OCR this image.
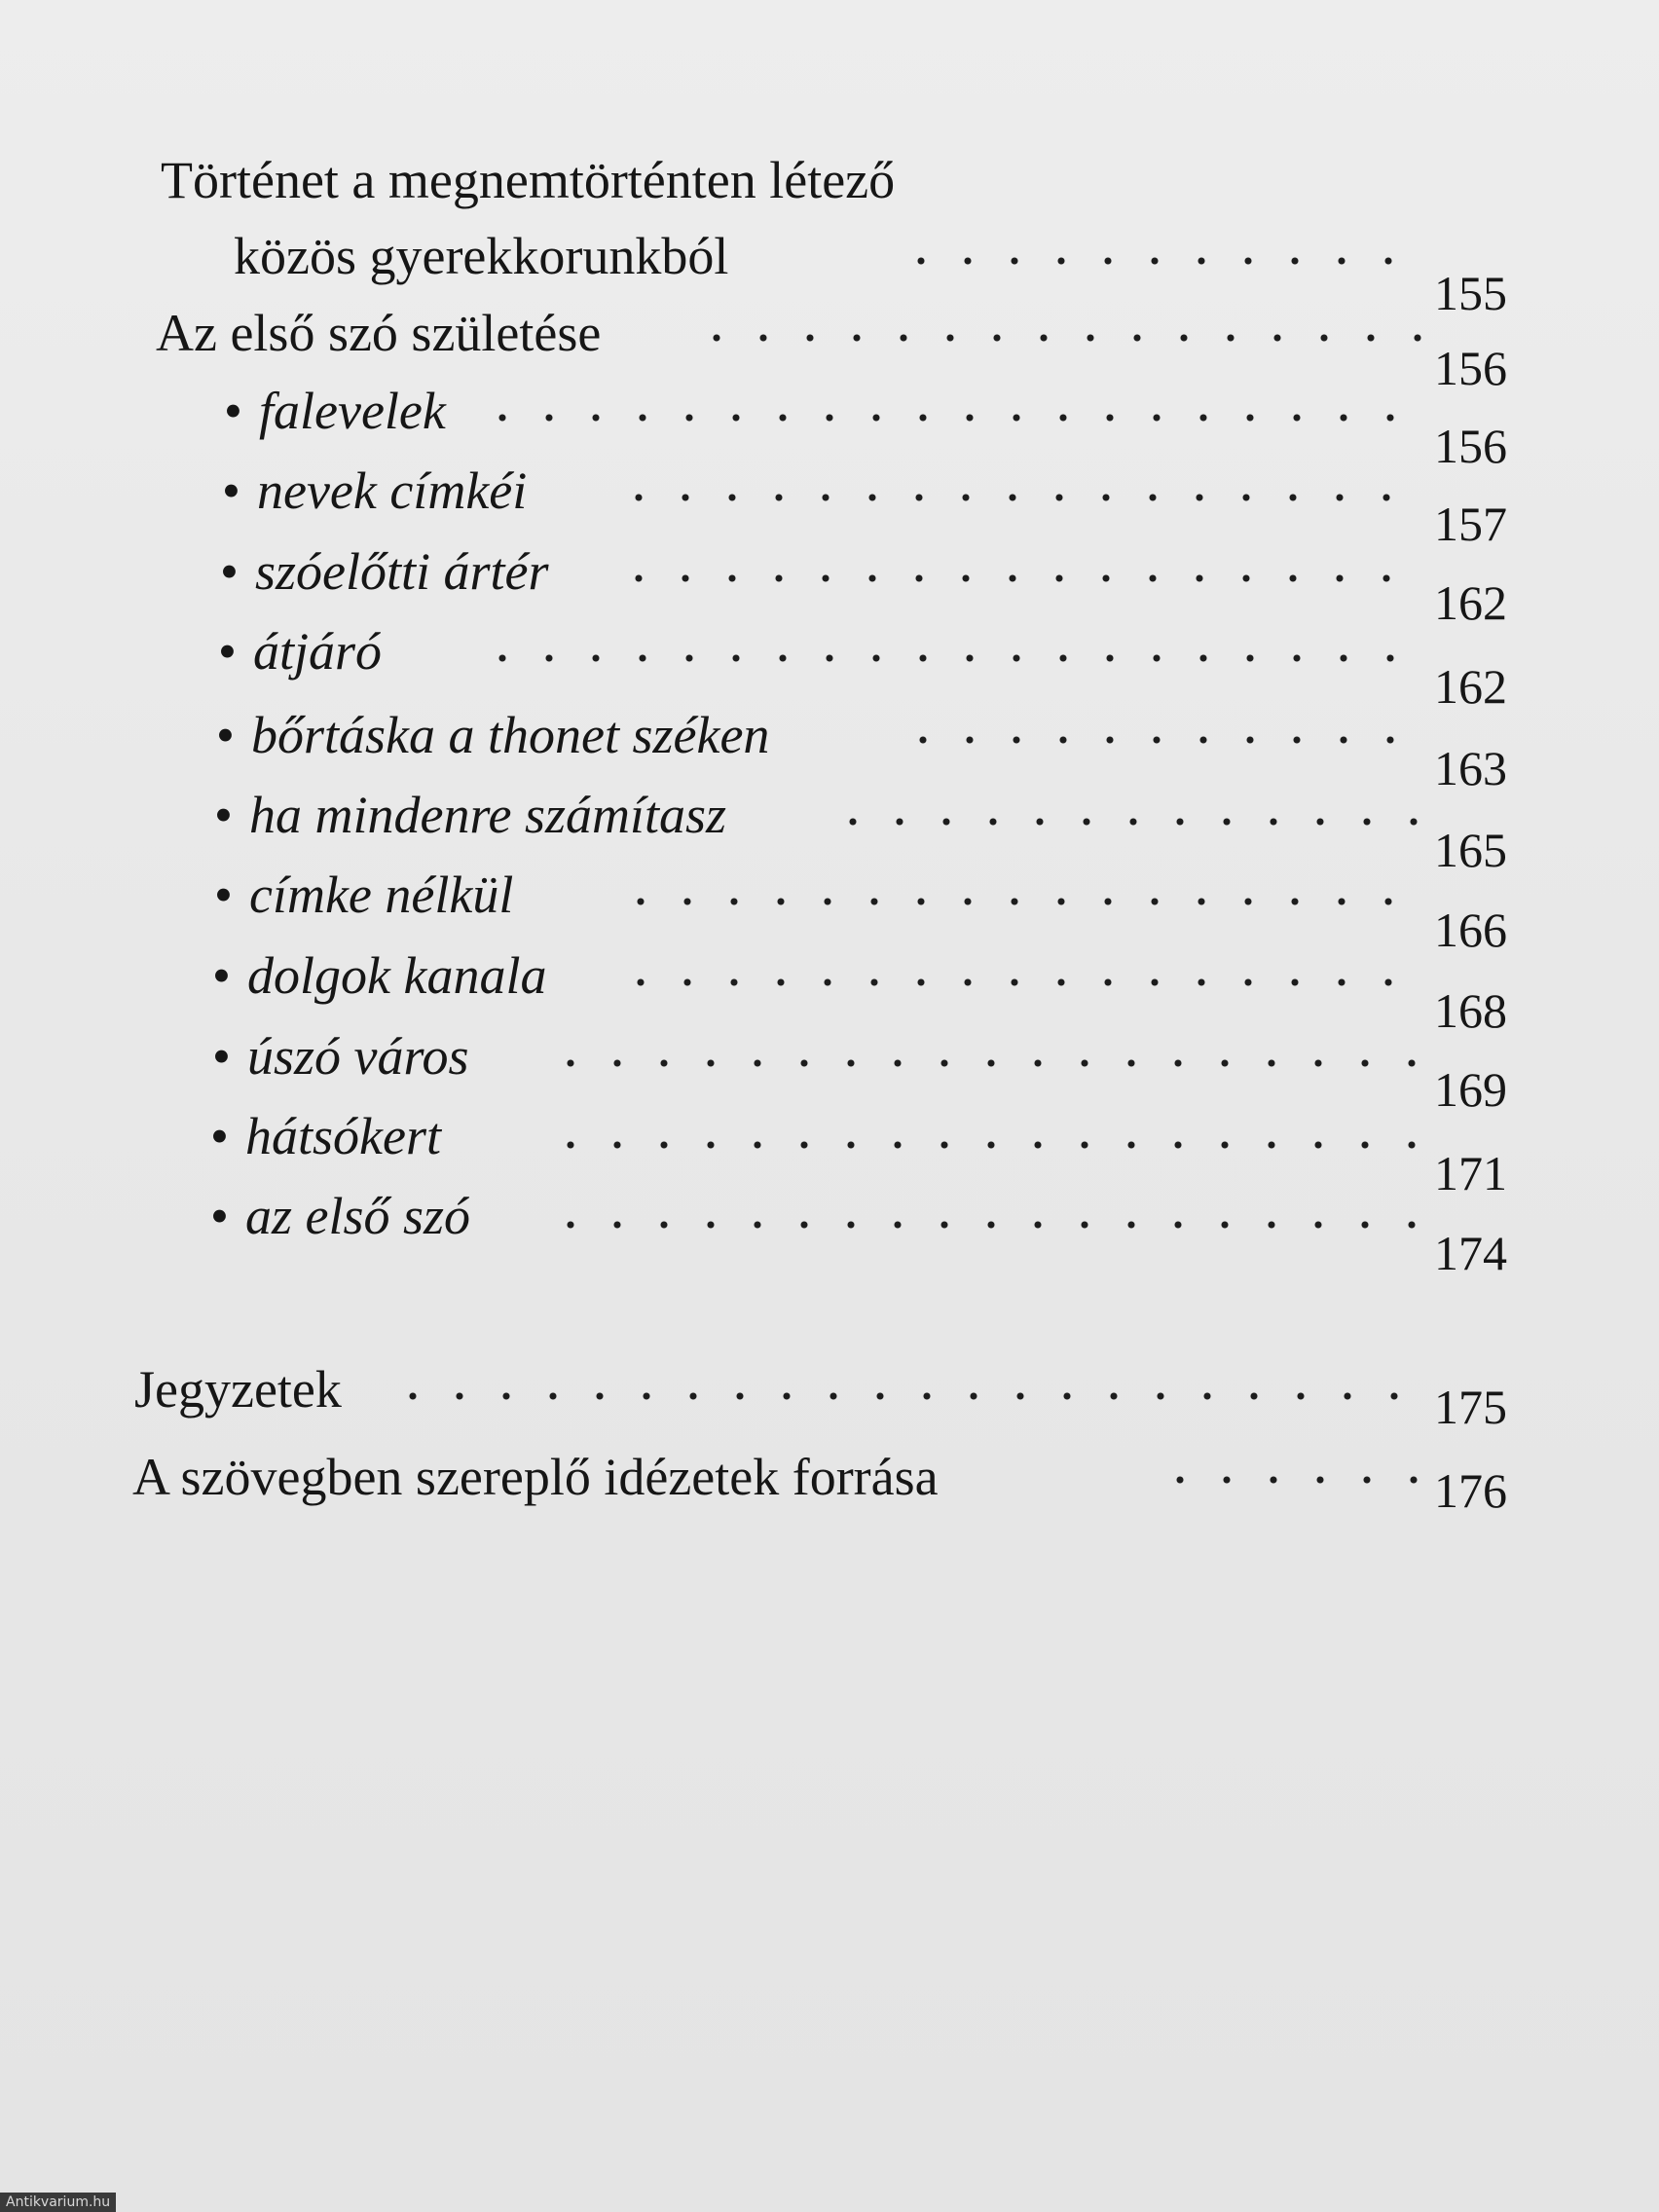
Történet a megnemtörténten létező
közös gyerekkorunkból
155
Az első szó születése
156
• falevelek
156
• nevek címkéi
157
• szóelőtti ártér
162
• átjáró
162
• bőrtáska a thonet széken
163
• ha mindenre számítasz
165
• címke nélkül
166
• dolgok kanala
168
• úszó város
169
• hátsókert
171
• az első szó
174
Jegyzetek	175
A szövegben szereplő idézetek forrása	176
Antikvarium.hu
